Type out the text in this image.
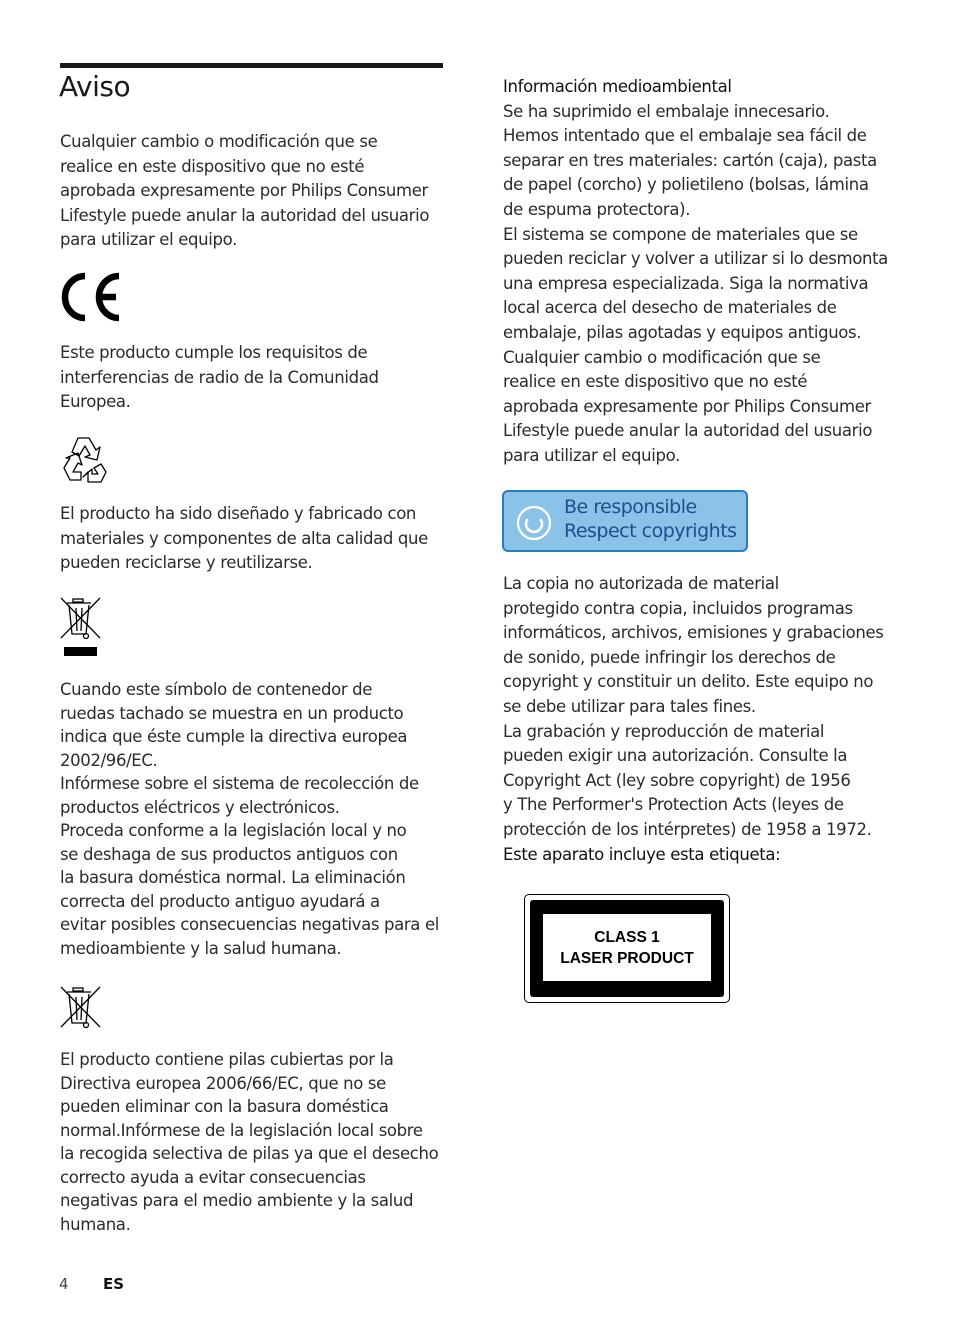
Aviso

Cualquier cambio o modificación que se
realice en este dispositivo que no esté
aprobada expresamente por Philips Consumer
Lifestyle puede anular la autoridad del usuario
para utilizar el equipo.

Este producto cumple los requisitos de
interferencias de radio de la Comunidad
Europea.

El producto ha sido diseñado y fabricado con
materiales y componentes de alta calidad que
pueden reciclarse y reutilizarse.

Cuando este símbolo de contenedor de
ruedas tachado se muestra en un producto
indica que éste cumple la directiva europea
2002/96/EC.
Infórmese sobre el sistema de recolección de
productos eléctricos y electrónicos.
Proceda conforme a la legislación local y no
se deshaga de sus productos antiguos con
la basura doméstica normal. La eliminación
correcta del producto antiguo ayudará a
evitar posibles consecuencias negativas para el
medioambiente y la salud humana.

El producto contiene pilas cubiertas por la
Directiva europea 2006/66/EC, que no se
pueden eliminar con la basura doméstica
normal.Infórmese de la legislación local sobre
la recogida selectiva de pilas ya que el desecho
correcto ayuda a evitar consecuencias
negativas para el medio ambiente y la salud
humana.

Información medioambiental
Se ha suprimido el embalaje innecesario.
Hemos intentado que el embalaje sea fácil de
separar en tres materiales: cartón (caja), pasta
de papel (corcho) y polietileno (bolsas, lámina
de espuma protectora).
El sistema se compone de materiales que se
pueden reciclar y volver a utilizar si lo desmonta
una empresa especializada. Siga la normativa
local acerca del desecho de materiales de
embalaje, pilas agotadas y equipos antiguos.
Cualquier cambio o modificación que se
realice en este dispositivo que no esté
aprobada expresamente por Philips Consumer
Lifestyle puede anular la autoridad del usuario
para utilizar el equipo.

Be responsible
Respect copyrights

La copia no autorizada de material
protegido contra copia, incluidos programas
informáticos, archivos, emisiones y grabaciones
de sonido, puede infringir los derechos de
copyright y constituir un delito. Este equipo no
se debe utilizar para tales fines.
La grabación y reproducción de material
pueden exigir una autorización. Consulte la
Copyright Act (ley sobre copyright) de 1956
y The Performer's Protection Acts (leyes de
protección de los intérpretes) de 1958 a 1972.
Este aparato incluye esta etiqueta:

CLASS 1
LASER PRODUCT
4 ES
